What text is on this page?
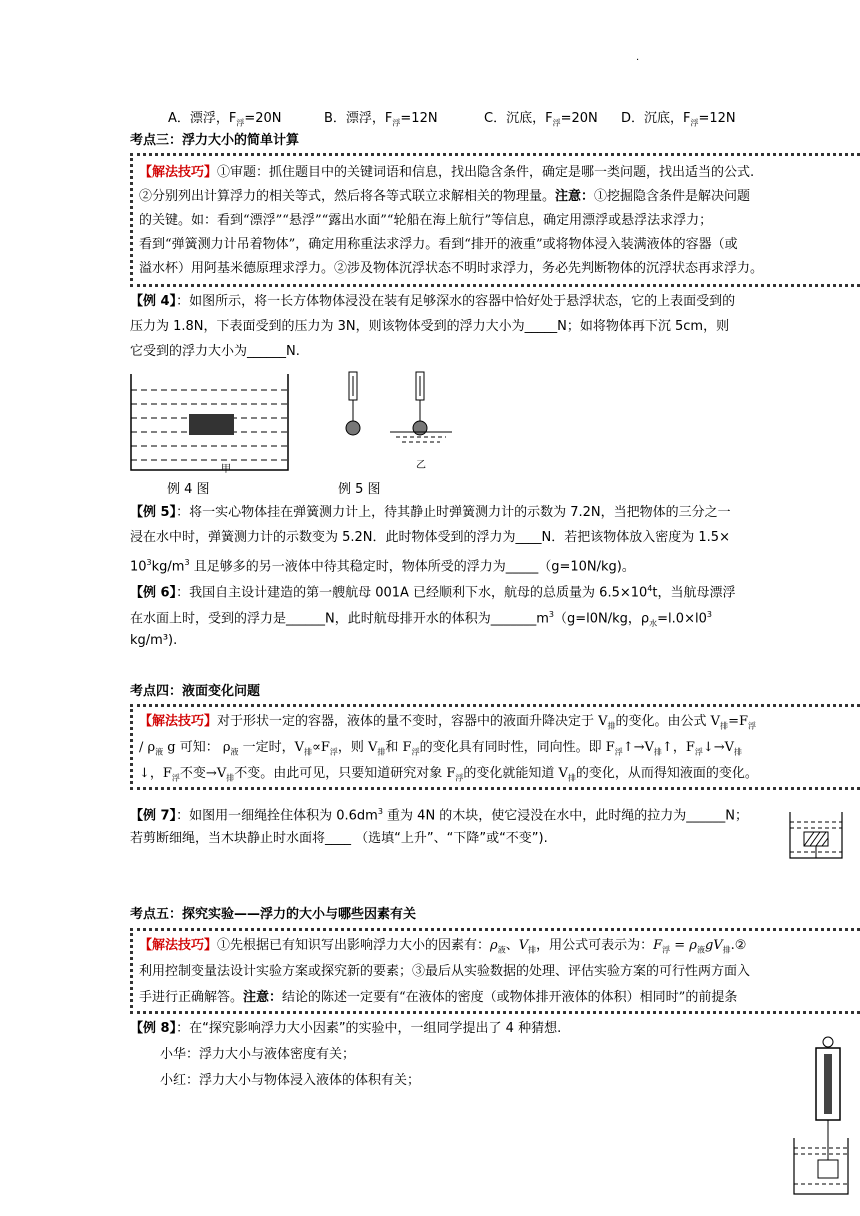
.
A．漂浮，$F_浮=20N$	B．漂浮，$F_浮=12N$	C．沉底，$F_浮=20N$ D．沉底，$F_浮=12N$
考点三：浮力大小的简单计算
【解法技巧】①审题：抓住题目中的关键词语和信息，找出隐含条件，确定是哪一类问题，找出适当的公式.
②分别列出计算浮力的相关等式，然后将各等式联立求解相关的物理量。注意：①挖掘隐含条件是解决问题
的关键。如：看到“漂浮”“悬浮”“露出水面”“轮船在海上航行”等信息，确定用漂浮或悬浮法求浮力；
看到“弹簧测力计吊着物体”，确定用称重法求浮力。看到“排开的液重”或将物体浸入装满液体的容器（或
溢水杯）用阿基米德原理求浮力。②涉及物体沉浮状态不明时求浮力，务必先判断物体的沉浮状态再求浮力。
【例 4】：如图所示，将一长方体物体浸没在装有足够深水的容器中恰好处于悬浮状态，它的上表面受到的
压力为 1.8N，下表面受到的压力为 3N，则该物体受到的浮力大小为_____N；如将物体再下沉 5cm，则
它受到的浮力大小为______N.
甲	乙
例 4 图	例 5 图
【例 5】：将一实心物体挂在弹簧测力计上，待其静止时弹簧测力计的示数为 7.2N，当把物体的三分之一
浸在水中时，弹簧测力计的示数变为 5.2N．此时物体受到的浮力为____N．若把该物体放入密度为 1.5×
$10^3kg/m^3$ 且足够多的另一液体中待其稳定时，物体所受的浮力为_____（g=10N/kg)。
【例 6】：我国自主设计建造的第一艘航母 001A 已经顺利下水，航母的总质量为 $6.5\times 10^4t$，当航母漂浮
在水面上时，受到的浮力是______N，此时航母排开水的体积为$\_\_\_\_\_\_\_m^3(g=l0N/kg$，$\rho_水=l.0\times l0^3$
kg/m³).
考点四：液面变化问题
【解法技巧】对于形状一定的容器，液体的量不变时，容器中的液面升降决定于 $V_排$的变化。由公式 $V_排=F_浮$
/ $\rho_液$ g 可知： $\rho_液$ 一定时，$V_排\propto F_浮$，则 $V_排$和 $F_浮$的变化具有同时性，同向性。即 $F_浮↑\to V_排↑$，$F_浮↓\to V_排$
↓，$F_浮$不变$\to V_排$不变。由此可见，只要知道研究对象 $F_浮$的变化就能知道 $V_排$的变化，从而得知液面的变化。
【例 7】：如图用一细绳拴住体积为 $0.6dm^3$ 重为 4N 的木块，使它浸没在水中，此时绳的拉力为______N；
若剪断细绳，当木块静止时水面将____ （选填“上升”、“下降”或“不变”).
考点五：探究实验——浮力的大小与哪些因素有关
【解法技巧】①先根据已有知识写出影响浮力大小的因素有：$\rho_液$、$V_排$，用公式可表示为：$F_浮$ = $\rho_液gV_排.②$
利用控制变量法设计实验方案或探究新的要素；③最后从实验数据的处理、评估实验方案的可行性两方面入
手进行正确解答。注意：结论的陈述一定要有“在液体的密度（或物体排开液体的体积）相同时”的前提条
【例 8】：在“探究影响浮力大小因素”的实验中，一组同学提出了 4 种猜想.
小华：浮力大小与液体密度有关；
小红：浮力大小与物体浸入液体的体积有关；
